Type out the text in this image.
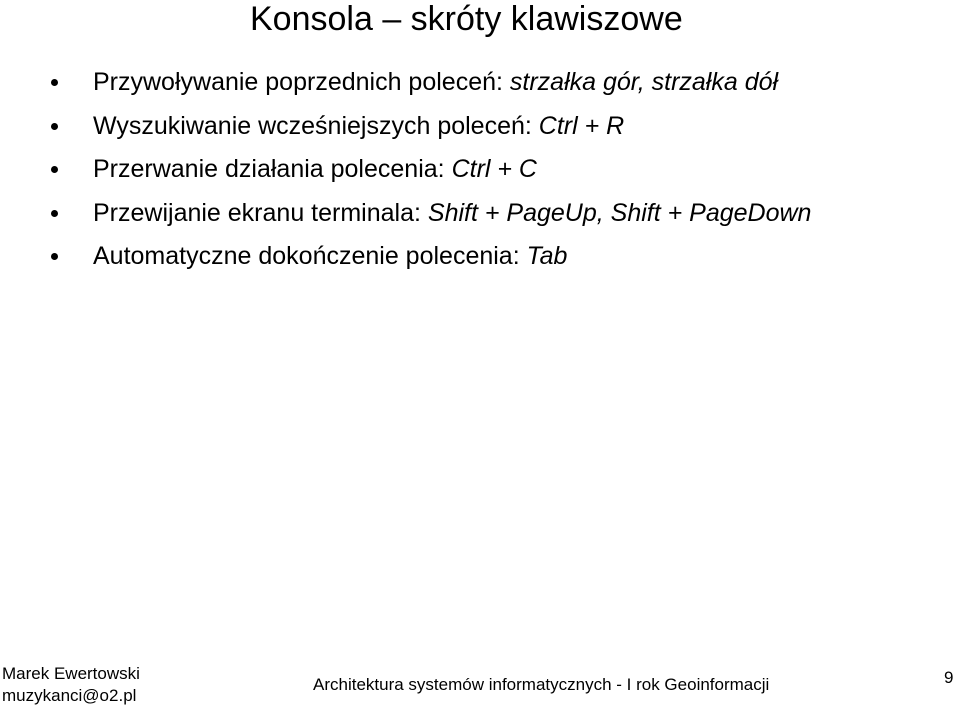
Konsola – skróty klawiszowe
Przywoływanie poprzednich poleceń: strzałka gór, strzałka dół
Wyszukiwanie wcześniejszych poleceń: Ctrl + R
Przerwanie działania polecenia: Ctrl + C
Przewijanie ekranu terminala: Shift + PageUp, Shift + PageDown
Automatyczne dokończenie polecenia: Tab
Marek Ewertowski
muzykanci@o2.pl
Architektura systemów informatycznych - I rok Geoinformacji	9
